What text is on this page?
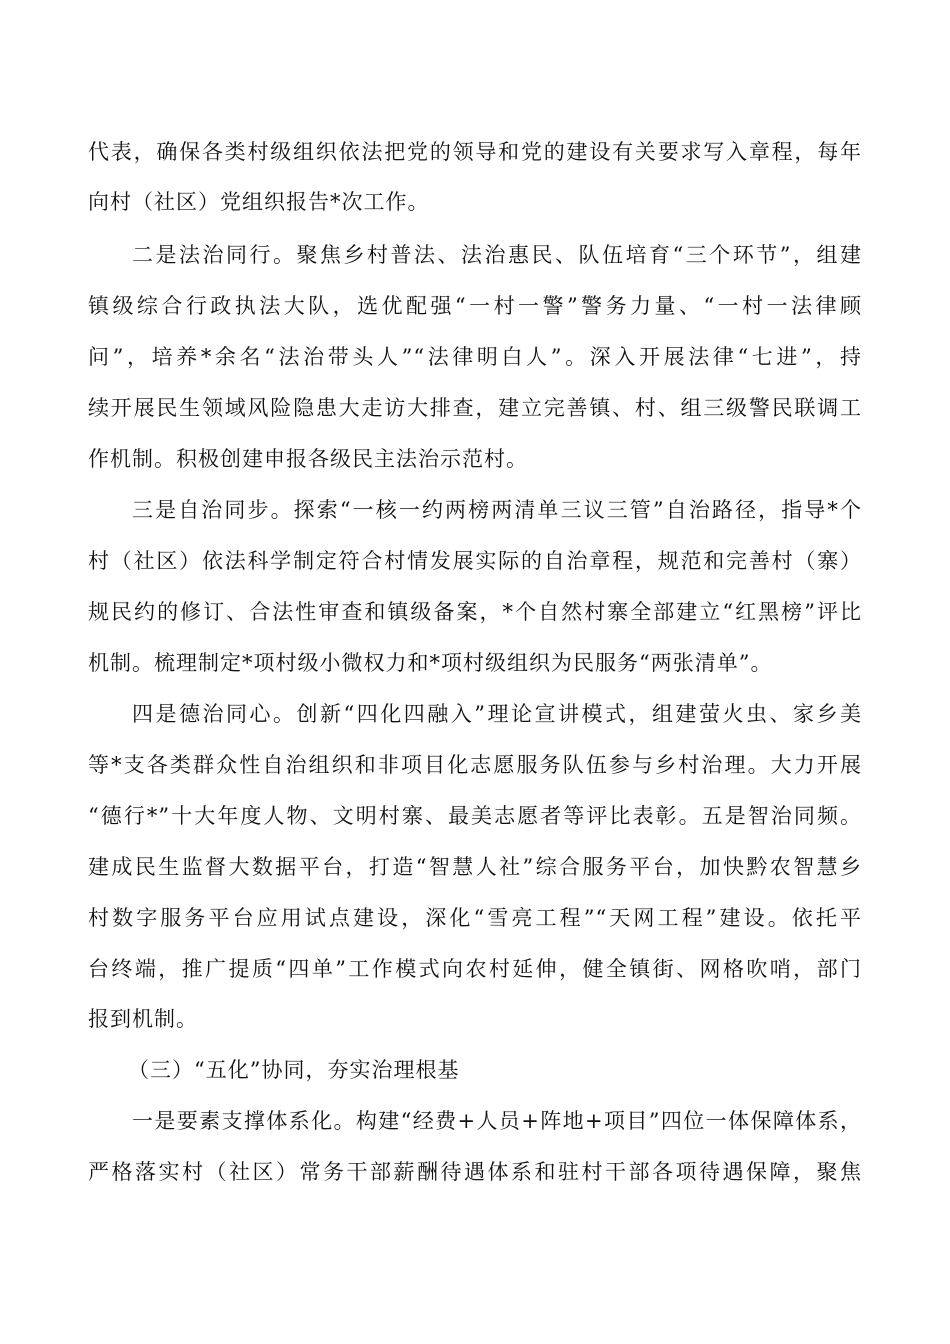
代表，确保各类村级组织依法把党的领导和党的建设有关要求写入章程，每年
向村（社区）党组织报告*次工作。
二是法治同行。聚焦乡村普法、法治惠民、队伍培育“三个环节”，组建
镇级综合行政执法大队，选优配强“一村一警”警务力量、“一村一法律顾
问”，培养*余名“法治带头人”“法律明白人”。深入开展法律“七进”，持
续开展民生领域风险隐患大走访大排查，建立完善镇、村、组三级警民联调工
作机制。积极创建申报各级民主法治示范村。
三是自治同步。探索“一核一约两榜两清单三议三管”自治路径，指导*个
村（社区）依法科学制定符合村情发展实际的自治章程，规范和完善村（寨）
规民约的修订、合法性审查和镇级备案，*个自然村寨全部建立“红黑榜”评比
机制。梳理制定*项村级小微权力和*项村级组织为民服务“两张清单”。
四是德治同心。创新“四化四融入”理论宣讲模式，组建萤火虫、家乡美
等*支各类群众性自治组织和非项目化志愿服务队伍参与乡村治理。大力开展
“德行*”十大年度人物、文明村寨、最美志愿者等评比表彰。五是智治同频。
建成民生监督大数据平台，打造“智慧人社”综合服务平台，加快黔农智慧乡
村数字服务平台应用试点建设，深化“雪亮工程”“天网工程”建设。依托平
台终端，推广提质“四单”工作模式向农村延伸，健全镇街、网格吹哨，部门
报到机制。
（三）“五化”协同，夯实治理根基
一是要素支撑体系化。构建“经费+人员+阵地+项目”四位一体保障体系，
严格落实村（社区）常务干部薪酬待遇体系和驻村干部各项待遇保障，聚焦
